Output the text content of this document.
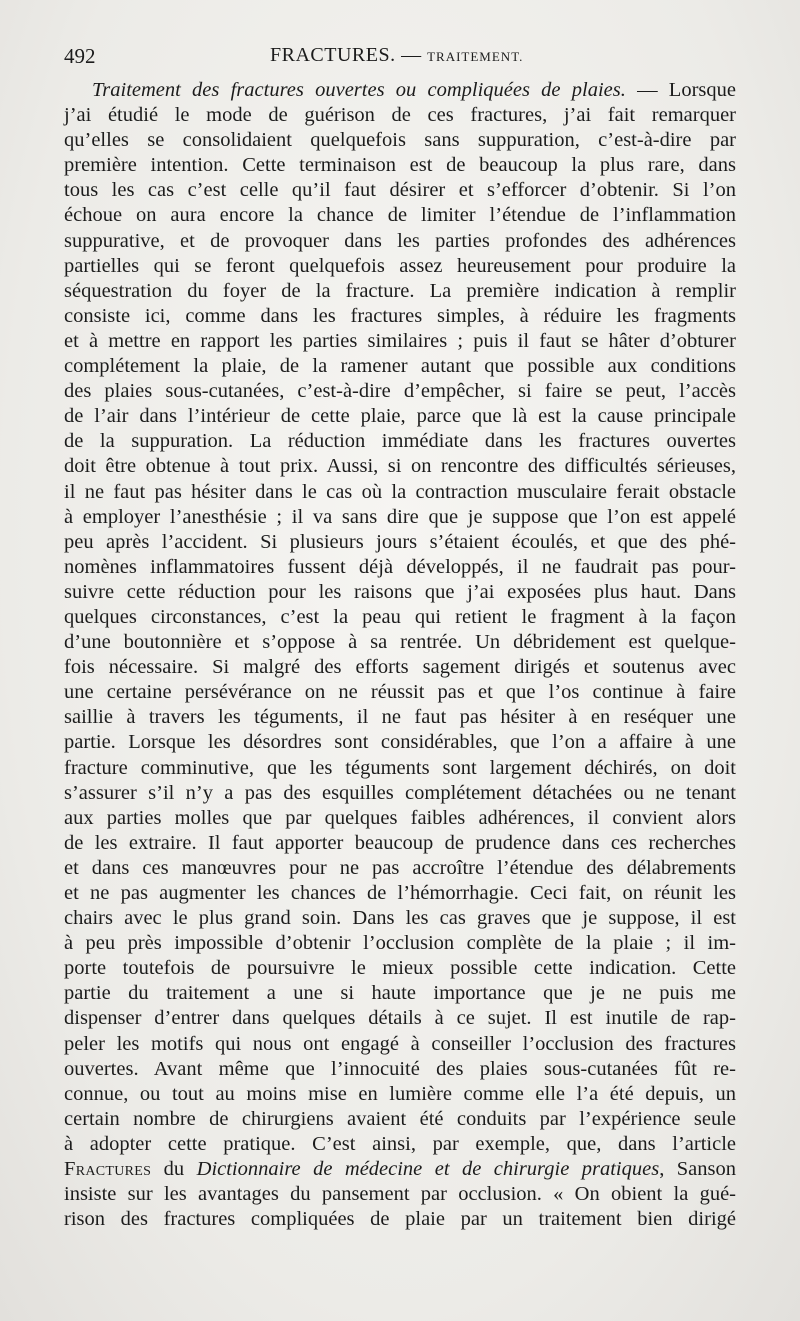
492	FRACTURES. — TRAITEMENT.
Traitement des fractures ouvertes ou compliquées de plaies. — Lorsque
j’ai étudié le mode de guérison de ces fractures, j’ai fait remarquer
qu’elles se consolidaient quelquefois sans suppuration, c’est-à-dire par
première intention. Cette terminaison est de beaucoup la plus rare, dans
tous les cas c’est celle qu’il faut désirer et s’efforcer d’obtenir. Si l’on
échoue on aura encore la chance de limiter l’étendue de l’inflammation
suppurative, et de provoquer dans les parties profondes des adhérences
partielles qui se feront quelquefois assez heureusement pour produire la
séquestration du foyer de la fracture. La première indication à remplir
consiste ici, comme dans les fractures simples, à réduire les fragments
et à mettre en rapport les parties similaires ; puis il faut se hâter d’obturer
complétement la plaie, de la ramener autant que possible aux conditions
des plaies sous-cutanées, c’est-à-dire d’empêcher, si faire se peut, l’accès
de l’air dans l’intérieur de cette plaie, parce que là est la cause principale
de la suppuration. La réduction immédiate dans les fractures ouvertes
doit être obtenue à tout prix. Aussi, si on rencontre des difficultés sérieuses,
il ne faut pas hésiter dans le cas où la contraction musculaire ferait obstacle
à employer l’anesthésie ; il va sans dire que je suppose que l’on est appelé
peu après l’accident. Si plusieurs jours s’étaient écoulés, et que des phé-
nomènes inflammatoires fussent déjà développés, il ne faudrait pas pour-
suivre cette réduction pour les raisons que j’ai exposées plus haut. Dans
quelques circonstances, c’est la peau qui retient le fragment à la façon
d’une boutonnière et s’oppose à sa rentrée. Un débridement est quelque-
fois nécessaire. Si malgré des efforts sagement dirigés et soutenus avec
une certaine persévérance on ne réussit pas et que l’os continue à faire
saillie à travers les téguments, il ne faut pas hésiter à en reséquer une
partie. Lorsque les désordres sont considérables, que l’on a affaire à une
fracture comminutive, que les téguments sont largement déchirés, on doit
s’assurer s’il n’y a pas des esquilles complétement détachées ou ne tenant
aux parties molles que par quelques faibles adhérences, il convient alors
de les extraire. Il faut apporter beaucoup de prudence dans ces recherches
et dans ces manœuvres pour ne pas accroître l’étendue des délabrements
et ne pas augmenter les chances de l’hémorrhagie. Ceci fait, on réunit les
chairs avec le plus grand soin. Dans les cas graves que je suppose, il est
à peu près impossible d’obtenir l’occlusion complète de la plaie ; il im-
porte toutefois de poursuivre le mieux possible cette indication. Cette
partie du traitement a une si haute importance que je ne puis me
dispenser d’entrer dans quelques détails à ce sujet. Il est inutile de rap-
peler les motifs qui nous ont engagé à conseiller l’occlusion des fractures
ouvertes. Avant même que l’innocuité des plaies sous-cutanées fût re-
connue, ou tout au moins mise en lumière comme elle l’a été depuis, un
certain nombre de chirurgiens avaient été conduits par l’expérience seule
à adopter cette pratique. C’est ainsi, par exemple, que, dans l’article
Fractures du Dictionnaire de médecine et de chirurgie pratiques, Sanson
insiste sur les avantages du pansement par occlusion. « On obient la gué-
rison des fractures compliquées de plaie par un traitement bien dirigé
